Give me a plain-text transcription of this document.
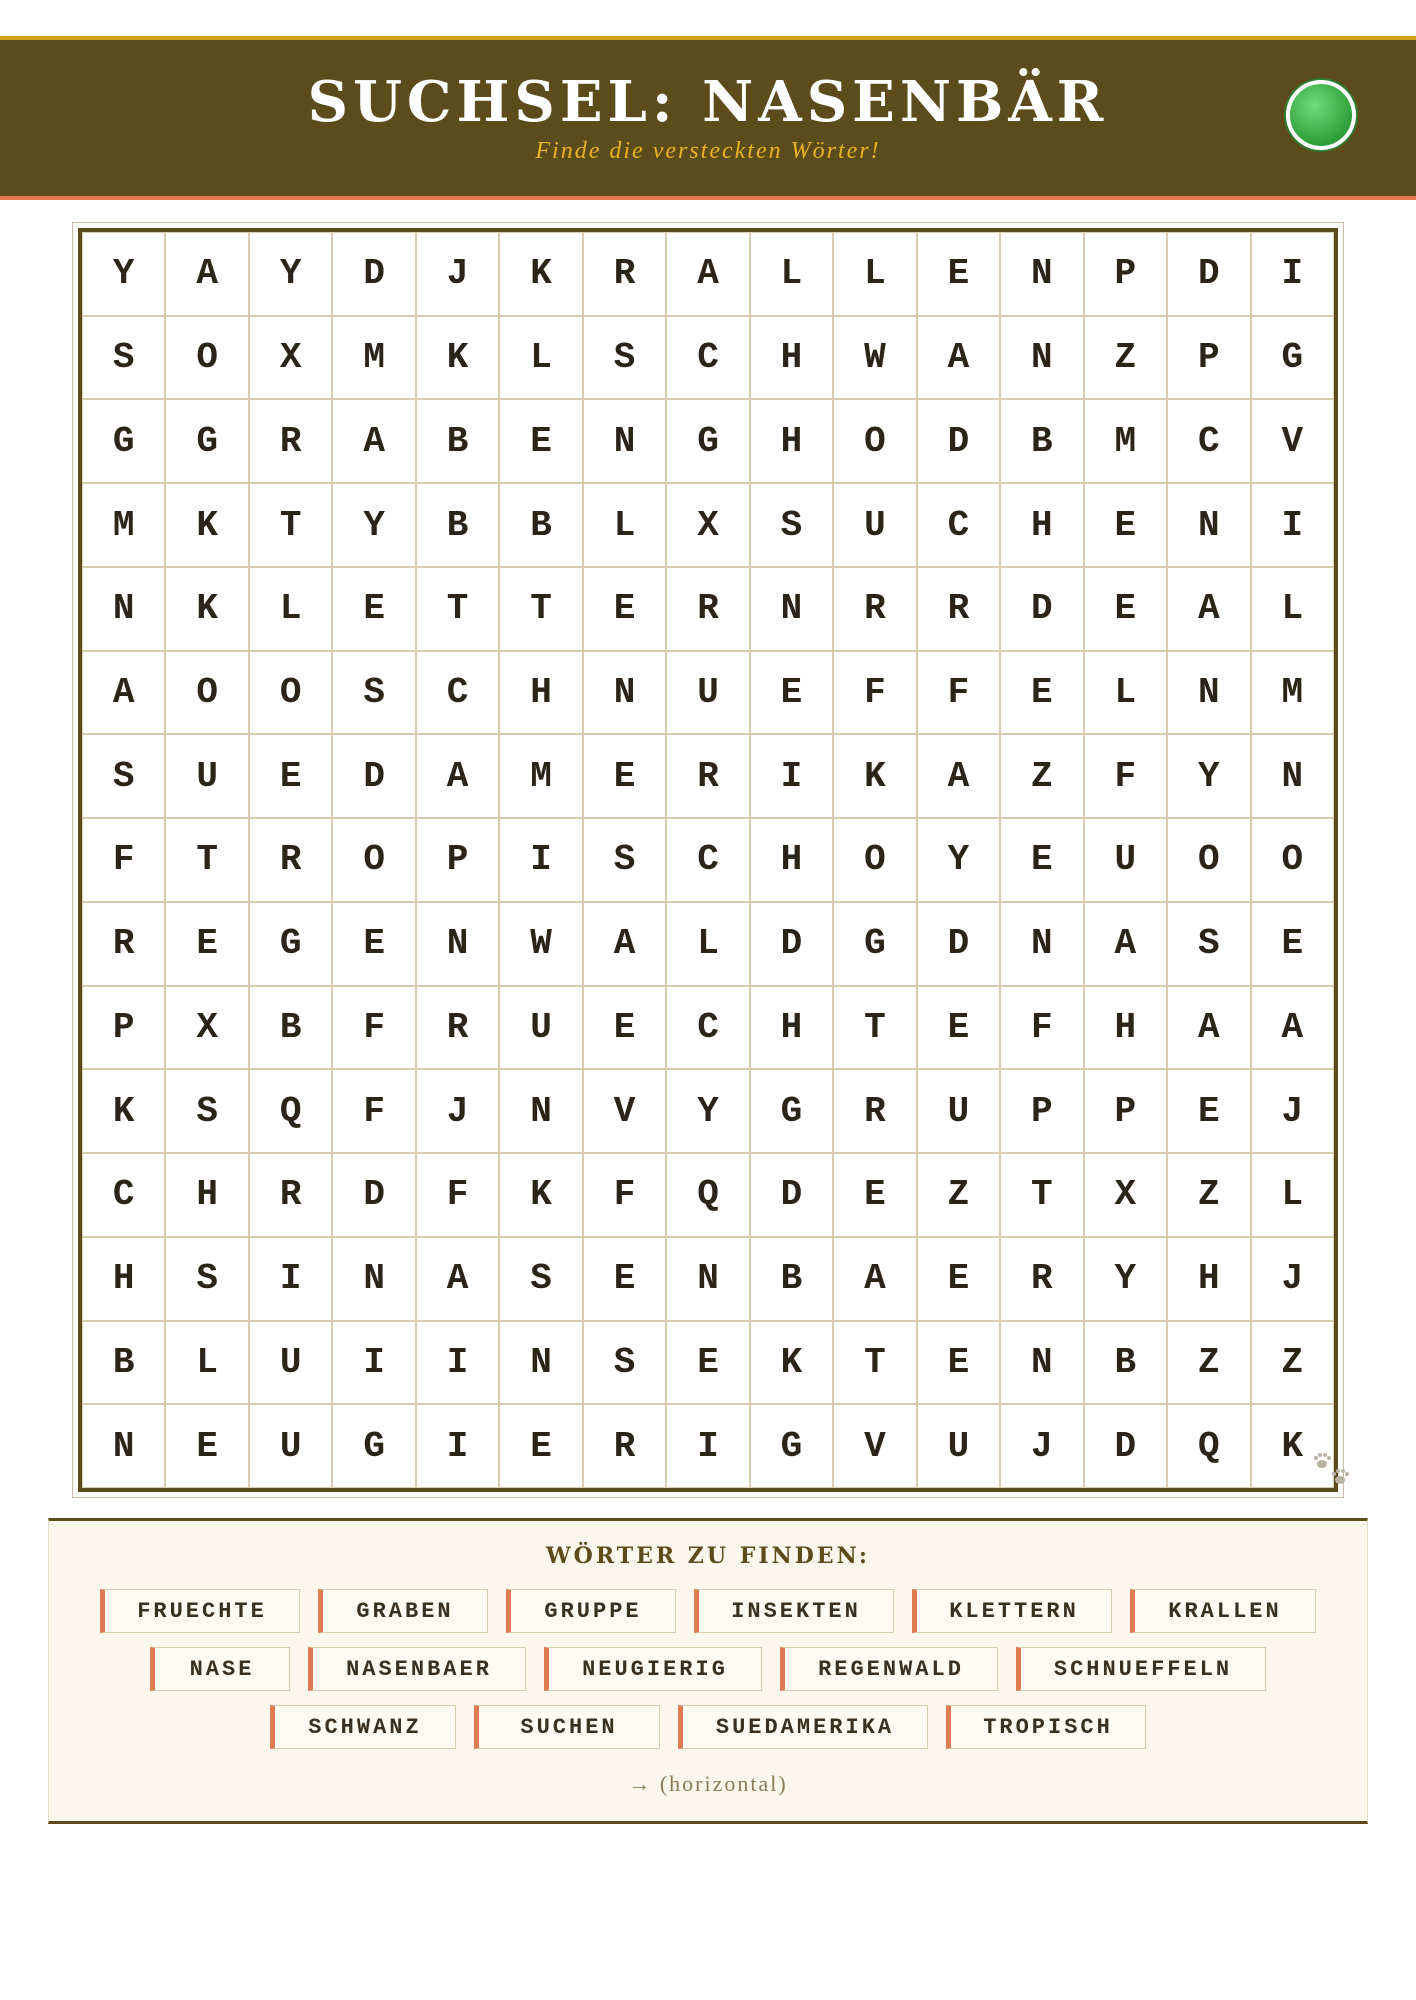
SUCHSEL: NASENBÄR
Finde die versteckten Wörter!
Y	A	Y	D	J	K	R	A	L	L	E	N	P	D	I
S	O	X	M	K	L	S	C	H	W	A	N	Z	P	G
G	G	R	A	B	E	N	G	H	O	D	B	M	C	V
M	K	T	Y	B	B	L	X	S	U	C	H	E	N	I
N	K	L	E	T	T	E	R	N	R	R	D	E	A	L
A	O	O	S	C	H	N	U	E	F	F	E	L	N	M
S	U	E	D	A	M	E	R	I	K	A	Z	F	Y	N
F	T	R	O	P	I	S	C	H	O	Y	E	U	O	O
R	E	G	E	N	W	A	L	D	G	D	N	A	S	E
P	X	B	F	R	U	E	C	H	T	E	F	H	A	A
K	S	Q	F	J	N	V	Y	G	R	U	P	P	E	J
C	H	R	D	F	K	F	Q	D	E	Z	T	X	Z	L
H	S	I	N	A	S	E	N	B	A	E	R	Y	H	J
B	L	U	I	I	N	S	E	K	T	E	N	B	Z	Z
N	E	U	G	I	E	R	I	G	V	U	J	D	Q	K
WÖRTER ZU FINDEN:
FRUECHTE	GRABEN	GRUPPE	INSEKTEN	KLETTERN	KRALLEN
NASE	NASENBAER	NEUGIERIG	REGENWALD	SCHNUEFFELN
SCHWANZ	SUCHEN	SUEDAMERIKA	TROPISCH
→ (horizontal)
